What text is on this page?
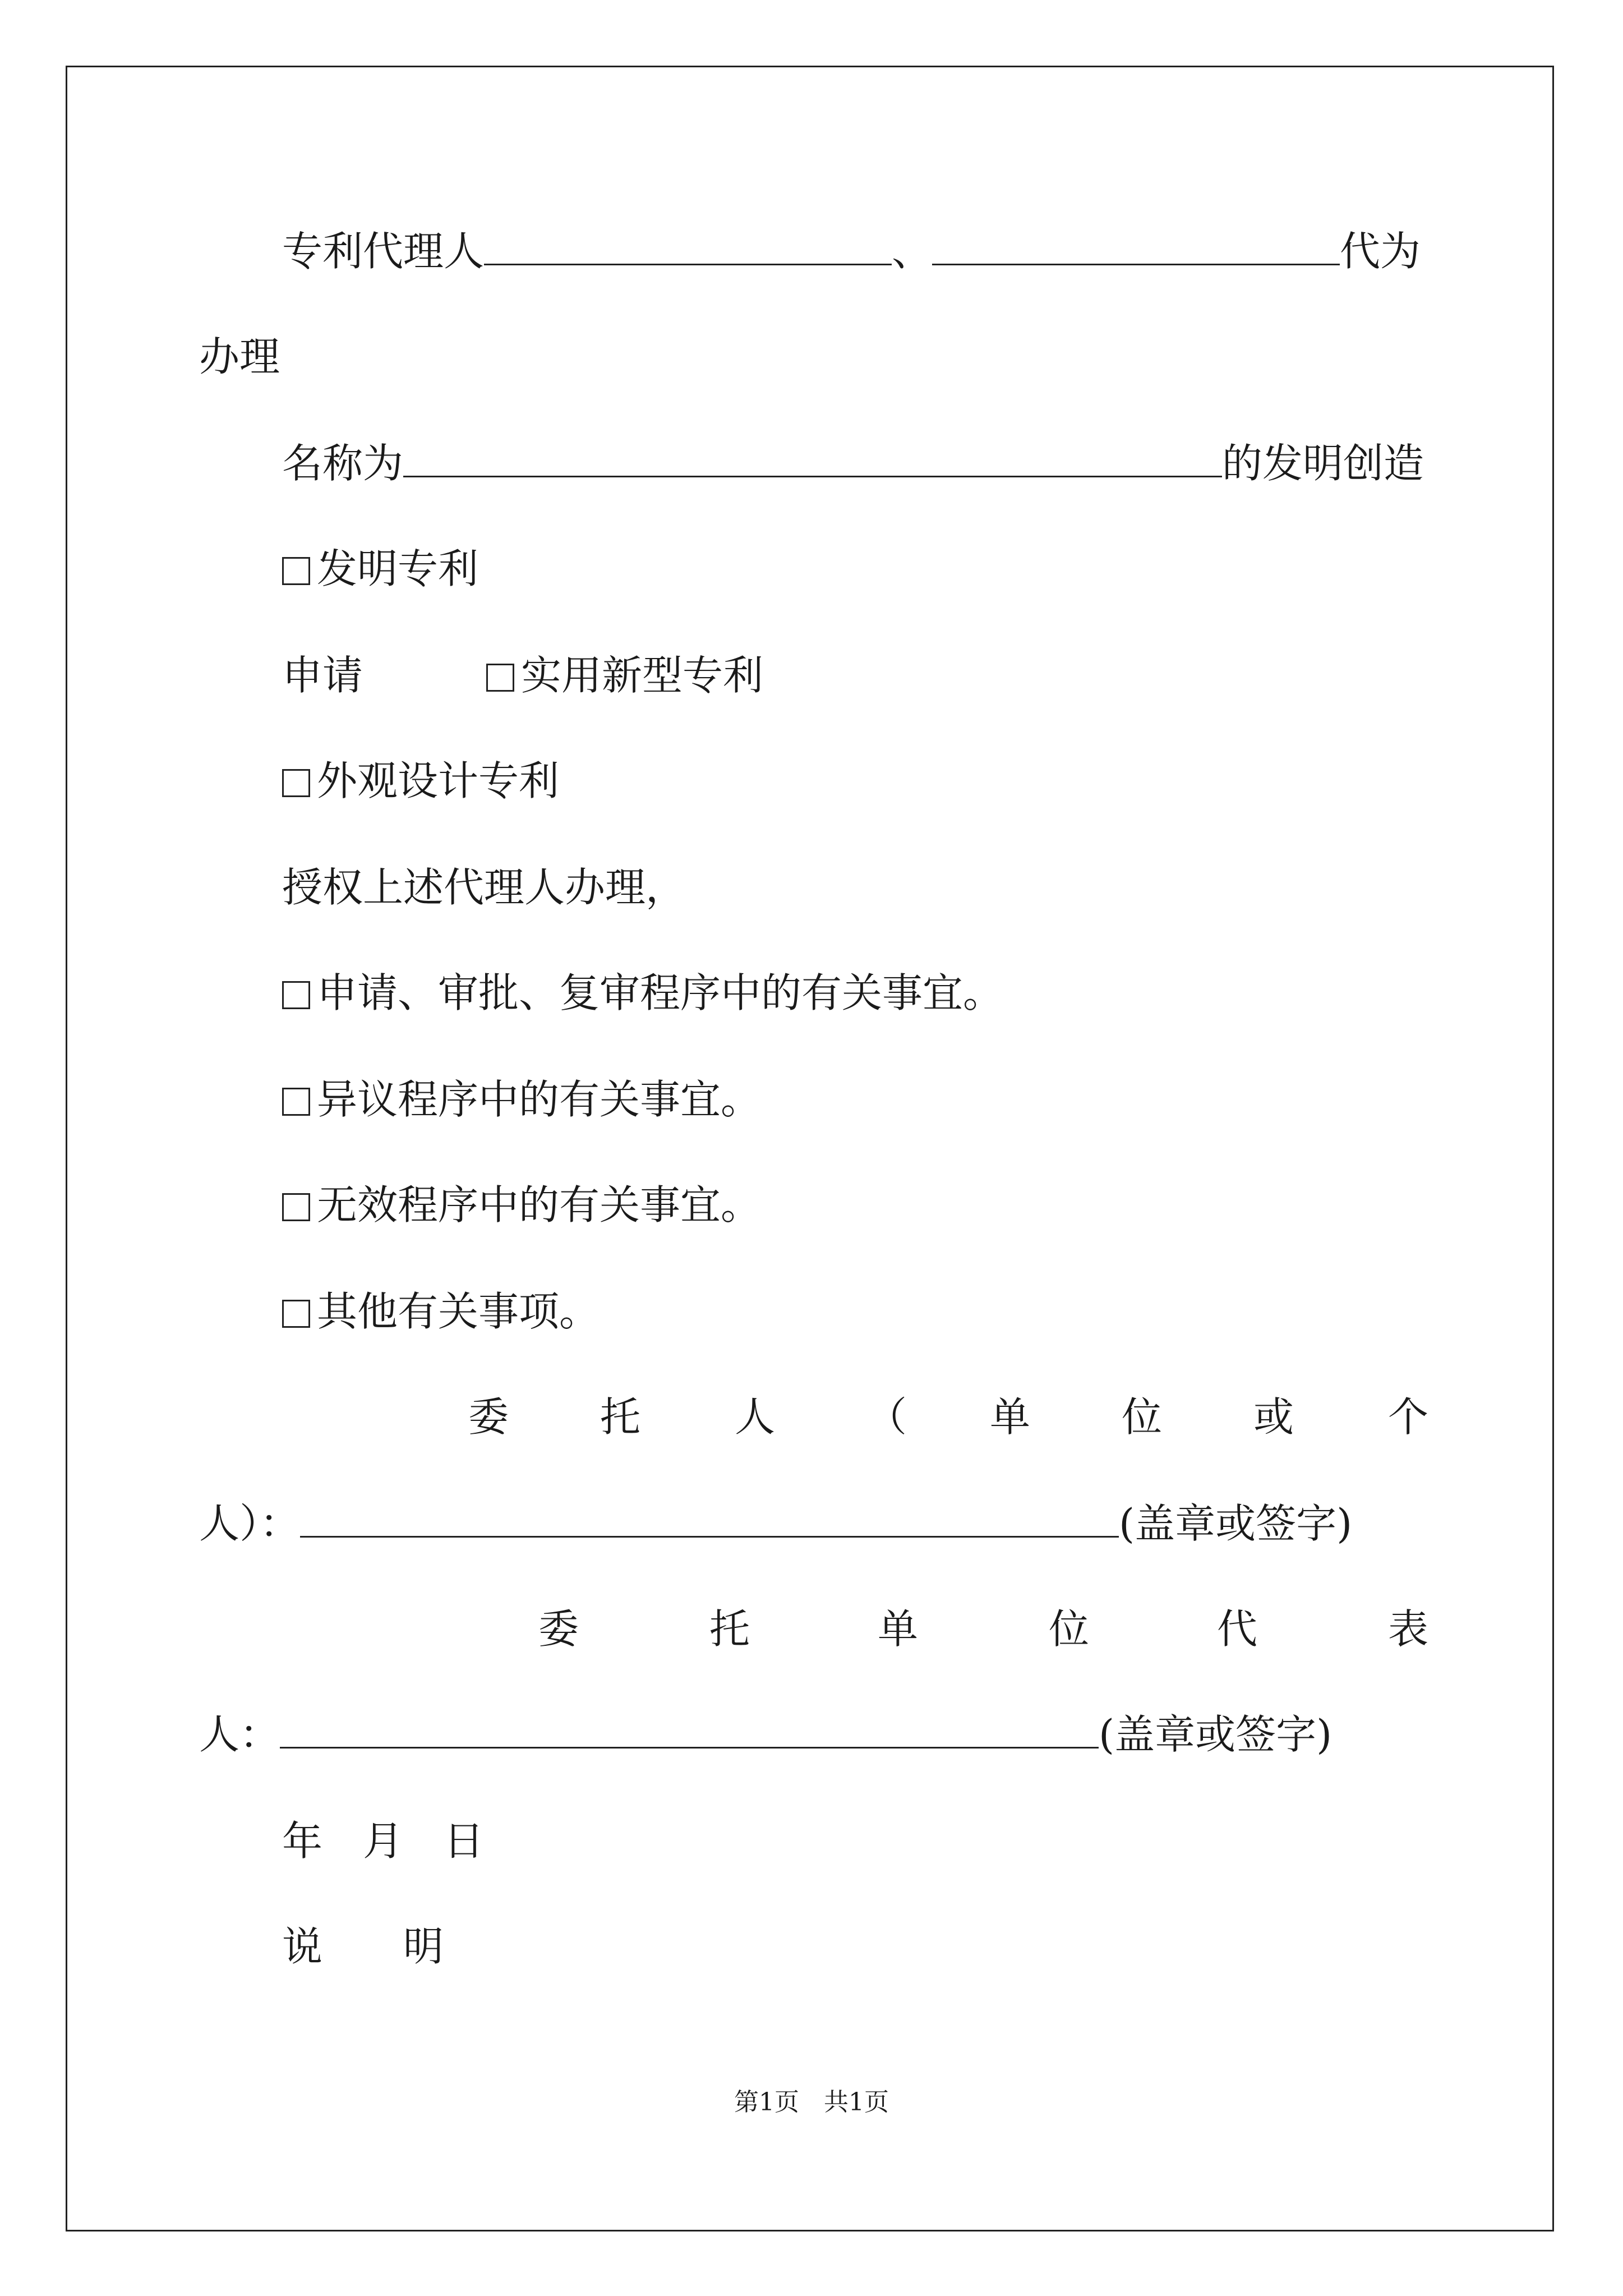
专利代理人	、	代为
办理
名称为	的发明创造
发明专利
申请	实用新型专利
外观设计专利
授权上述代理人办理，
申请、审批、复审程序中的有关事宜。
异议程序中的有关事宜。
无效程序中的有关事宜。
其他有关事项。
委 托 人 （ 单 位 或 个
人）：	(盖章或签字)
委	托	单	位	代	表
人：	(盖章或签字)
年　月　日
说　　明
第1页　共1页
